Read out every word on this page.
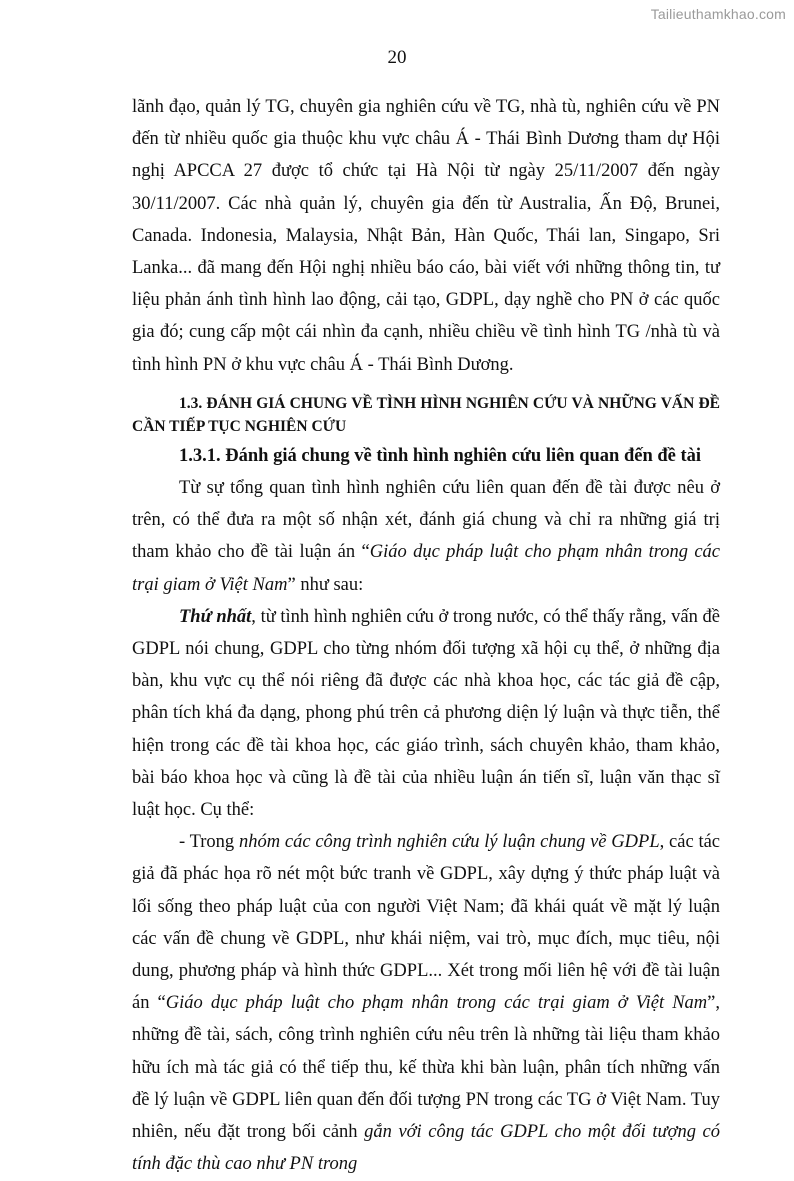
Tailieuthamkhao.com
20

lãnh đạo, quản lý TG, chuyên gia nghiên cứu về TG, nhà tù, nghiên cứu về PN đến từ nhiều quốc gia thuộc khu vực châu Á - Thái Bình Dương tham dự Hội nghị APCCA 27 được tổ chức tại Hà Nội từ ngày 25/11/2007 đến ngày 30/11/2007. Các nhà quản lý, chuyên gia đến từ Australia, Ấn Độ, Brunei, Canada. Indonesia, Malaysia, Nhật Bản, Hàn Quốc, Thái lan, Singapo, Sri Lanka... đã mang đến Hội nghị nhiều báo cáo, bài viết với những thông tin, tư liệu phản ánh tình hình lao động, cải tạo, GDPL, dạy nghề cho PN ở các quốc gia đó; cung cấp một cái nhìn đa cạnh, nhiều chiều về tình hình TG /nhà tù và tình hình PN ở khu vực châu Á - Thái Bình Dương.

1.3. ĐÁNH GIÁ CHUNG VỀ TÌNH HÌNH NGHIÊN CỨU VÀ NHỮNG VẤN ĐỀ CẦN TIẾP TỤC NGHIÊN CỨU

1.3.1. Đánh giá chung về tình hình nghiên cứu liên quan đến đề tài

Từ sự tổng quan tình hình nghiên cứu liên quan đến đề tài được nêu ở trên, có thể đưa ra một số nhận xét, đánh giá chung và chỉ ra những giá trị tham khảo cho đề tài luận án “Giáo dục pháp luật cho phạm nhân trong các trại giam ở Việt Nam” như sau:

Thứ nhất, từ tình hình nghiên cứu ở trong nước, có thể thấy rằng, vấn đề GDPL nói chung, GDPL cho từng nhóm đối tượng xã hội cụ thể, ở những địa bàn, khu vực cụ thể nói riêng đã được các nhà khoa học, các tác giả đề cập, phân tích khá đa dạng, phong phú trên cả phương diện lý luận và thực tiễn, thể hiện trong các đề tài khoa học, các giáo trình, sách chuyên khảo, tham khảo, bài báo khoa học và cũng là đề tài của nhiều luận án tiến sĩ, luận văn thạc sĩ luật học. Cụ thể:

- Trong nhóm các công trình nghiên cứu lý luận chung về GDPL, các tác giả đã phác họa rõ nét một bức tranh về GDPL, xây dựng ý thức pháp luật và lối sống theo pháp luật của con người Việt Nam; đã khái quát về mặt lý luận các vấn đề chung về GDPL, như khái niệm, vai trò, mục đích, mục tiêu, nội dung, phương pháp và hình thức GDPL... Xét trong mối liên hệ với đề tài luận án “Giáo dục pháp luật cho phạm nhân trong các trại giam ở Việt Nam”, những đề tài, sách, công trình nghiên cứu nêu trên là những tài liệu tham khảo hữu ích mà tác giả có thể tiếp thu, kế thừa khi bàn luận, phân tích những vấn đề lý luận về GDPL liên quan đến đối tượng PN trong các TG ở Việt Nam. Tuy nhiên, nếu đặt trong bối cảnh gắn với công tác GDPL cho một đối tượng có tính đặc thù cao như PN trong
